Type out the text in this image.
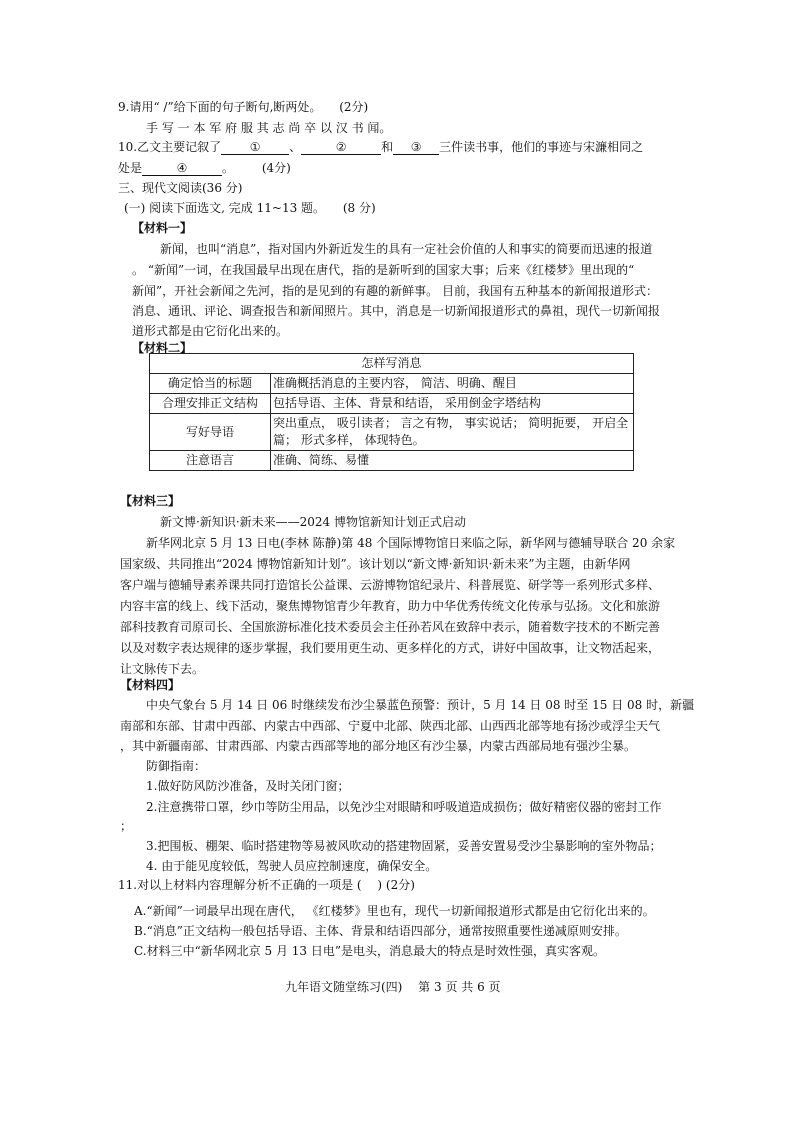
9.请用“ /”给下面的句子断句,断两处。 (2分)
手 写 一 本 军 府 服 其 志 尚 卒 以 汉 书 闻。
10.乙文主要记叙了 ① 、	②	和 ③ 三件读书事，他们的事迹与宋濂相同之
处是	④	。 (4分)
三、现代文阅读(36 分)
(一) 阅读下面选文, 完成 11~13 题。 (8 分)
【材料一】
新闻，也叫“消息”，指对国内外新近发生的具有一定社会价值的人和事实的简要而迅速的报道
。 “新闻”一词，在我国最早出现在唐代，指的是新听到的国家大事；后来《红楼梦》里出现的“
新闻”，开社会新闻之先河，指的是见到的有趣的新鲜事。 目前，我国有五种基本的新闻报道形式：
消息、通讯、评论、调查报告和新闻照片。其中，消息是一切新闻报道形式的鼻祖，现代一切新闻报
道形式都是由它衍化出来的。
【材料二】
怎样写消息	
确定恰当的标题	准确概括消息的主要内容， 简洁、明确、醒目
合理安排正文结构	包括导语、主体、背景和结语， 采用倒金字塔结构
写好导语	突出重点， 吸引读者； 言之有物， 事实说话； 简明扼要， 开启全
篇； 形式多样， 体现特色。

注意语言	准确、简练、易懂
【材料三】
新文博·新知识·新未来——2024 博物馆新知计划正式启动
新华网北京 5 月 13 日电(李林 陈静)第 48 个国际博物馆日来临之际，新华网与德辅导联合 20 余家
国家级、共同推出“2024 博物馆新知计划”。该计划以“新文博·新知识·新未来”为主题，由新华网
客户端与德辅导素养课共同打造馆长公益课、云游博物馆纪录片、科普展览、研学等一系列形式多样、
内容丰富的线上、线下活动，聚焦博物馆青少年教育，助力中华优秀传统文化传承与弘扬。文化和旅游
部科技教育司原司长、全国旅游标准化技术委员会主任孙若风在致辞中表示，随着数字技术的不断完善
以及对数字表达规律的逐步掌握，我们要用更生动、更多样化的方式，讲好中国故事，让文物活起来，
让文脉传下去。
【材料四】
中央气象台 5 月 14 日 06 时继续发布沙尘暴蓝色预警：预计，5 月 14 日 08 时至 15 日 08 时，新疆
南部和东部、甘肃中西部、内蒙古中西部、宁夏中北部、陕西北部、山西西北部等地有扬沙或浮尘天气
，其中新疆南部、甘肃西部、内蒙古西部等地的部分地区有沙尘暴，内蒙古西部局地有强沙尘暴。
防御指南：
1.做好防风防沙准备，及时关闭门窗；
2.注意携带口罩，纱巾等防尘用品，以免沙尘对眼睛和呼吸道造成损伤；做好精密仪器的密封工作
；
3.把围板、棚架、临时搭建物等易被风吹动的搭建物固紧，妥善安置易受沙尘暴影响的室外物品；
4. 由于能见度较低，驾驶人员应控制速度，确保安全。
11.对以上材料内容理解分析不正确的一项是 (　 ) (2分)
A.“新闻”一词最早出现在唐代， 《红楼梦》里也有，现代一切新闻报道形式都是由它衍化出来的。
B.“消息”正文结构一般包括导语、主体、背景和结语四部分，通常按照重要性递减原则安排。
C.材料三中“新华网北京 5 月 13 日电”是电头，消息最大的特点是时效性强，真实客观。
九年语文随堂练习(四)　 第 3 页 共 6 页
